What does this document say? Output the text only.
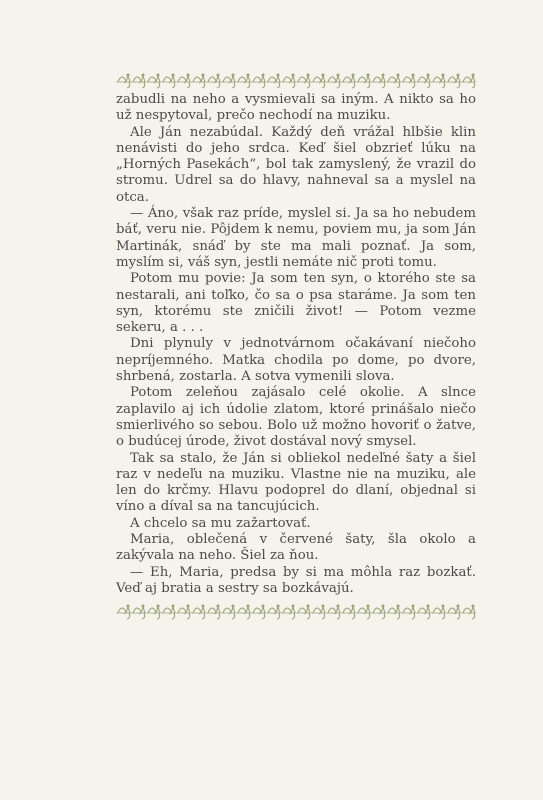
zabudli na neho a vysmievali sa iným. A nikto sa ho už nespytoval, prečo nechodí na muziku.

Ale Ján nezabúdal. Každý deň vrážal hlbšie klin nenávisti do jeho srdca. Keď šiel obzrieť lúku na „Horných Pasekách“, bol tak zamyslený, že vrazil do stromu. Udrel sa do hlavy, nahneval sa a myslel na otca.

— Áno, však raz príde, myslel si. Ja sa ho nebudem báť, veru nie. Pôjdem k nemu, poviem mu, ja som Ján Martinák, snáď by ste ma mali poznať. Ja som, myslím si, váš syn, jestli nemáte nič proti tomu.

Potom mu povie: Ja som ten syn, o ktorého ste sa nestarali, ani toľko, čo sa o psa staráme. Ja som ten syn, ktorému ste zničili život! — Potom vezme sekeru, a . . .

Dni plynuly v jednotvárnom očakávaní niečoho nepríjemného. Matka chodila po dome, po dvore, shrbená, zostarla. A sotva vymenili slova.

Potom zeleňou zajásalo celé okolie. A slnce zaplavilo aj ich údolie zlatom, ktoré prinášalo niečo smierlivého so sebou. Bolo už možno hovoriť o žatve, o budúcej úrode, život dostával nový smysel.

Tak sa stalo, že Ján si obliekol nedeľné šaty a šiel raz v nedeľu na muziku. Vlastne nie na muziku, ale len do krčmy. Hlavu podoprel do dlaní, objednal si víno a díval sa na tancujúcich.

A chcelo sa mu zažartovať.

Maria, oblečená v červené šaty, šla okolo a zakývala na neho. Šiel za ňou.

— Eh, Maria, predsa by si ma môhla raz bozkať. Veď aj bratia a sestry sa bozkávajú.
